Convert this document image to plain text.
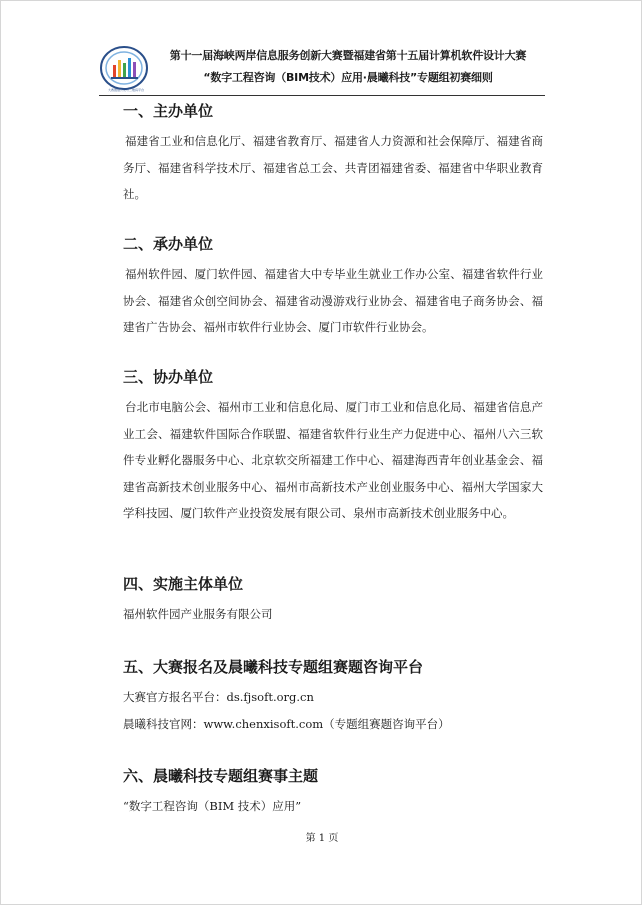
大赛微信公众号二维码平台
第十一届海峡两岸信息服务创新大赛暨福建省第十五届计算机软件设计大赛
“数字工程咨询（BIM技术）应用·晨曦科技”专题组初赛细则
一、主办单位

福建省工业和信息化厅、福建省教育厅、福建省人力资源和社会保障厅、福建省商务厅、福建省科学技术厅、福建省总工会、共青团福建省委、福建省中华职业教育社。

二、承办单位

福州软件园、厦门软件园、福建省大中专毕业生就业工作办公室、福建省软件行业协会、福建省众创空间协会、福建省动漫游戏行业协会、福建省电子商务协会、福建省广告协会、福州市软件行业协会、厦门市软件行业协会。

三、协办单位

台北市电脑公会、福州市工业和信息化局、厦门市工业和信息化局、福建省信息产业工会、福建软件国际合作联盟、福建省软件行业生产力促进中心、福州八六三软件专业孵化器服务中心、北京软交所福建工作中心、福建海西青年创业基金会、福建省高新技术创业服务中心、福州市高新技术产业创业服务中心、福州大学国家大学科技园、厦门软件产业投资发展有限公司、泉州市高新技术创业服务中心。

四、实施主体单位

福州软件园产业服务有限公司

五、大赛报名及晨曦科技专题组赛题咨询平台

大赛官方报名平台：ds.fjsoft.org.cn

晨曦科技官网：www.chenxisoft.com（专题组赛题咨询平台）

六、晨曦科技专题组赛事主题

“数字工程咨询（BIM 技术）应用”

第 1 页
